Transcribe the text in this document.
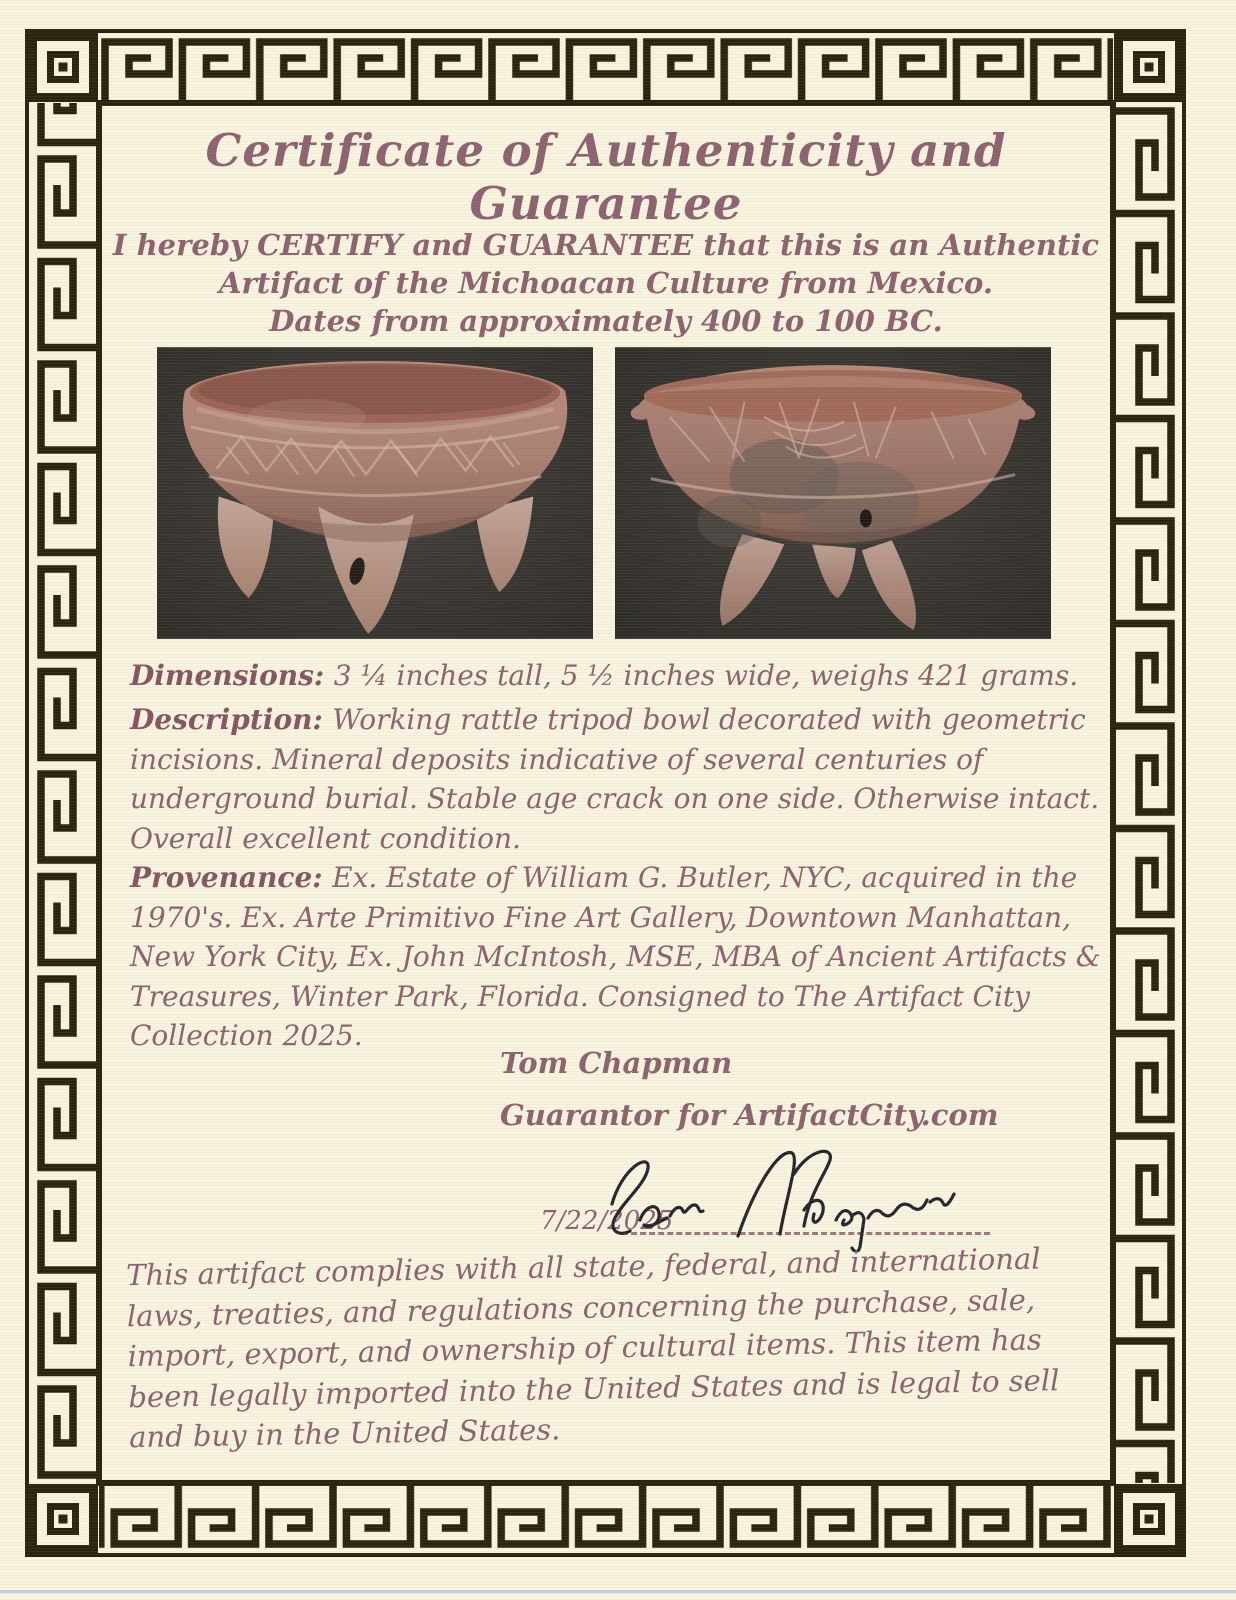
Certificate of Authenticity and Guarantee
I hereby CERTIFY and GUARANTEE that this is an Authentic
Artifact of the Michoacan Culture from Mexico.
Dates from approximately 400 to 100 BC.

Dimensions: 3 ¼ inches tall, 5 ½ inches wide, weighs 421 grams.

Description: Working rattle tripod bowl decorated with geometric incisions. Mineral deposits indicative of several centuries of underground burial. Stable age crack on one side. Otherwise intact. Overall excellent condition.

Provenance: Ex. Estate of William G. Butler, NYC, acquired in the 1970's. Ex. Arte Primitivo Fine Art Gallery, Downtown Manhattan, New York City, Ex. John McIntosh, MSE, MBA of Ancient Artifacts & Treasures, Winter Park, Florida. Consigned to The Artifact City Collection 2025.

Tom Chapman
Guarantor for ArtifactCity.com
7/22/2025

This artifact complies with all state, federal, and international laws, treaties, and regulations concerning the purchase, sale, import, export, and ownership of cultural items. This item has been legally imported into the United States and is legal to sell and buy in the United States.
